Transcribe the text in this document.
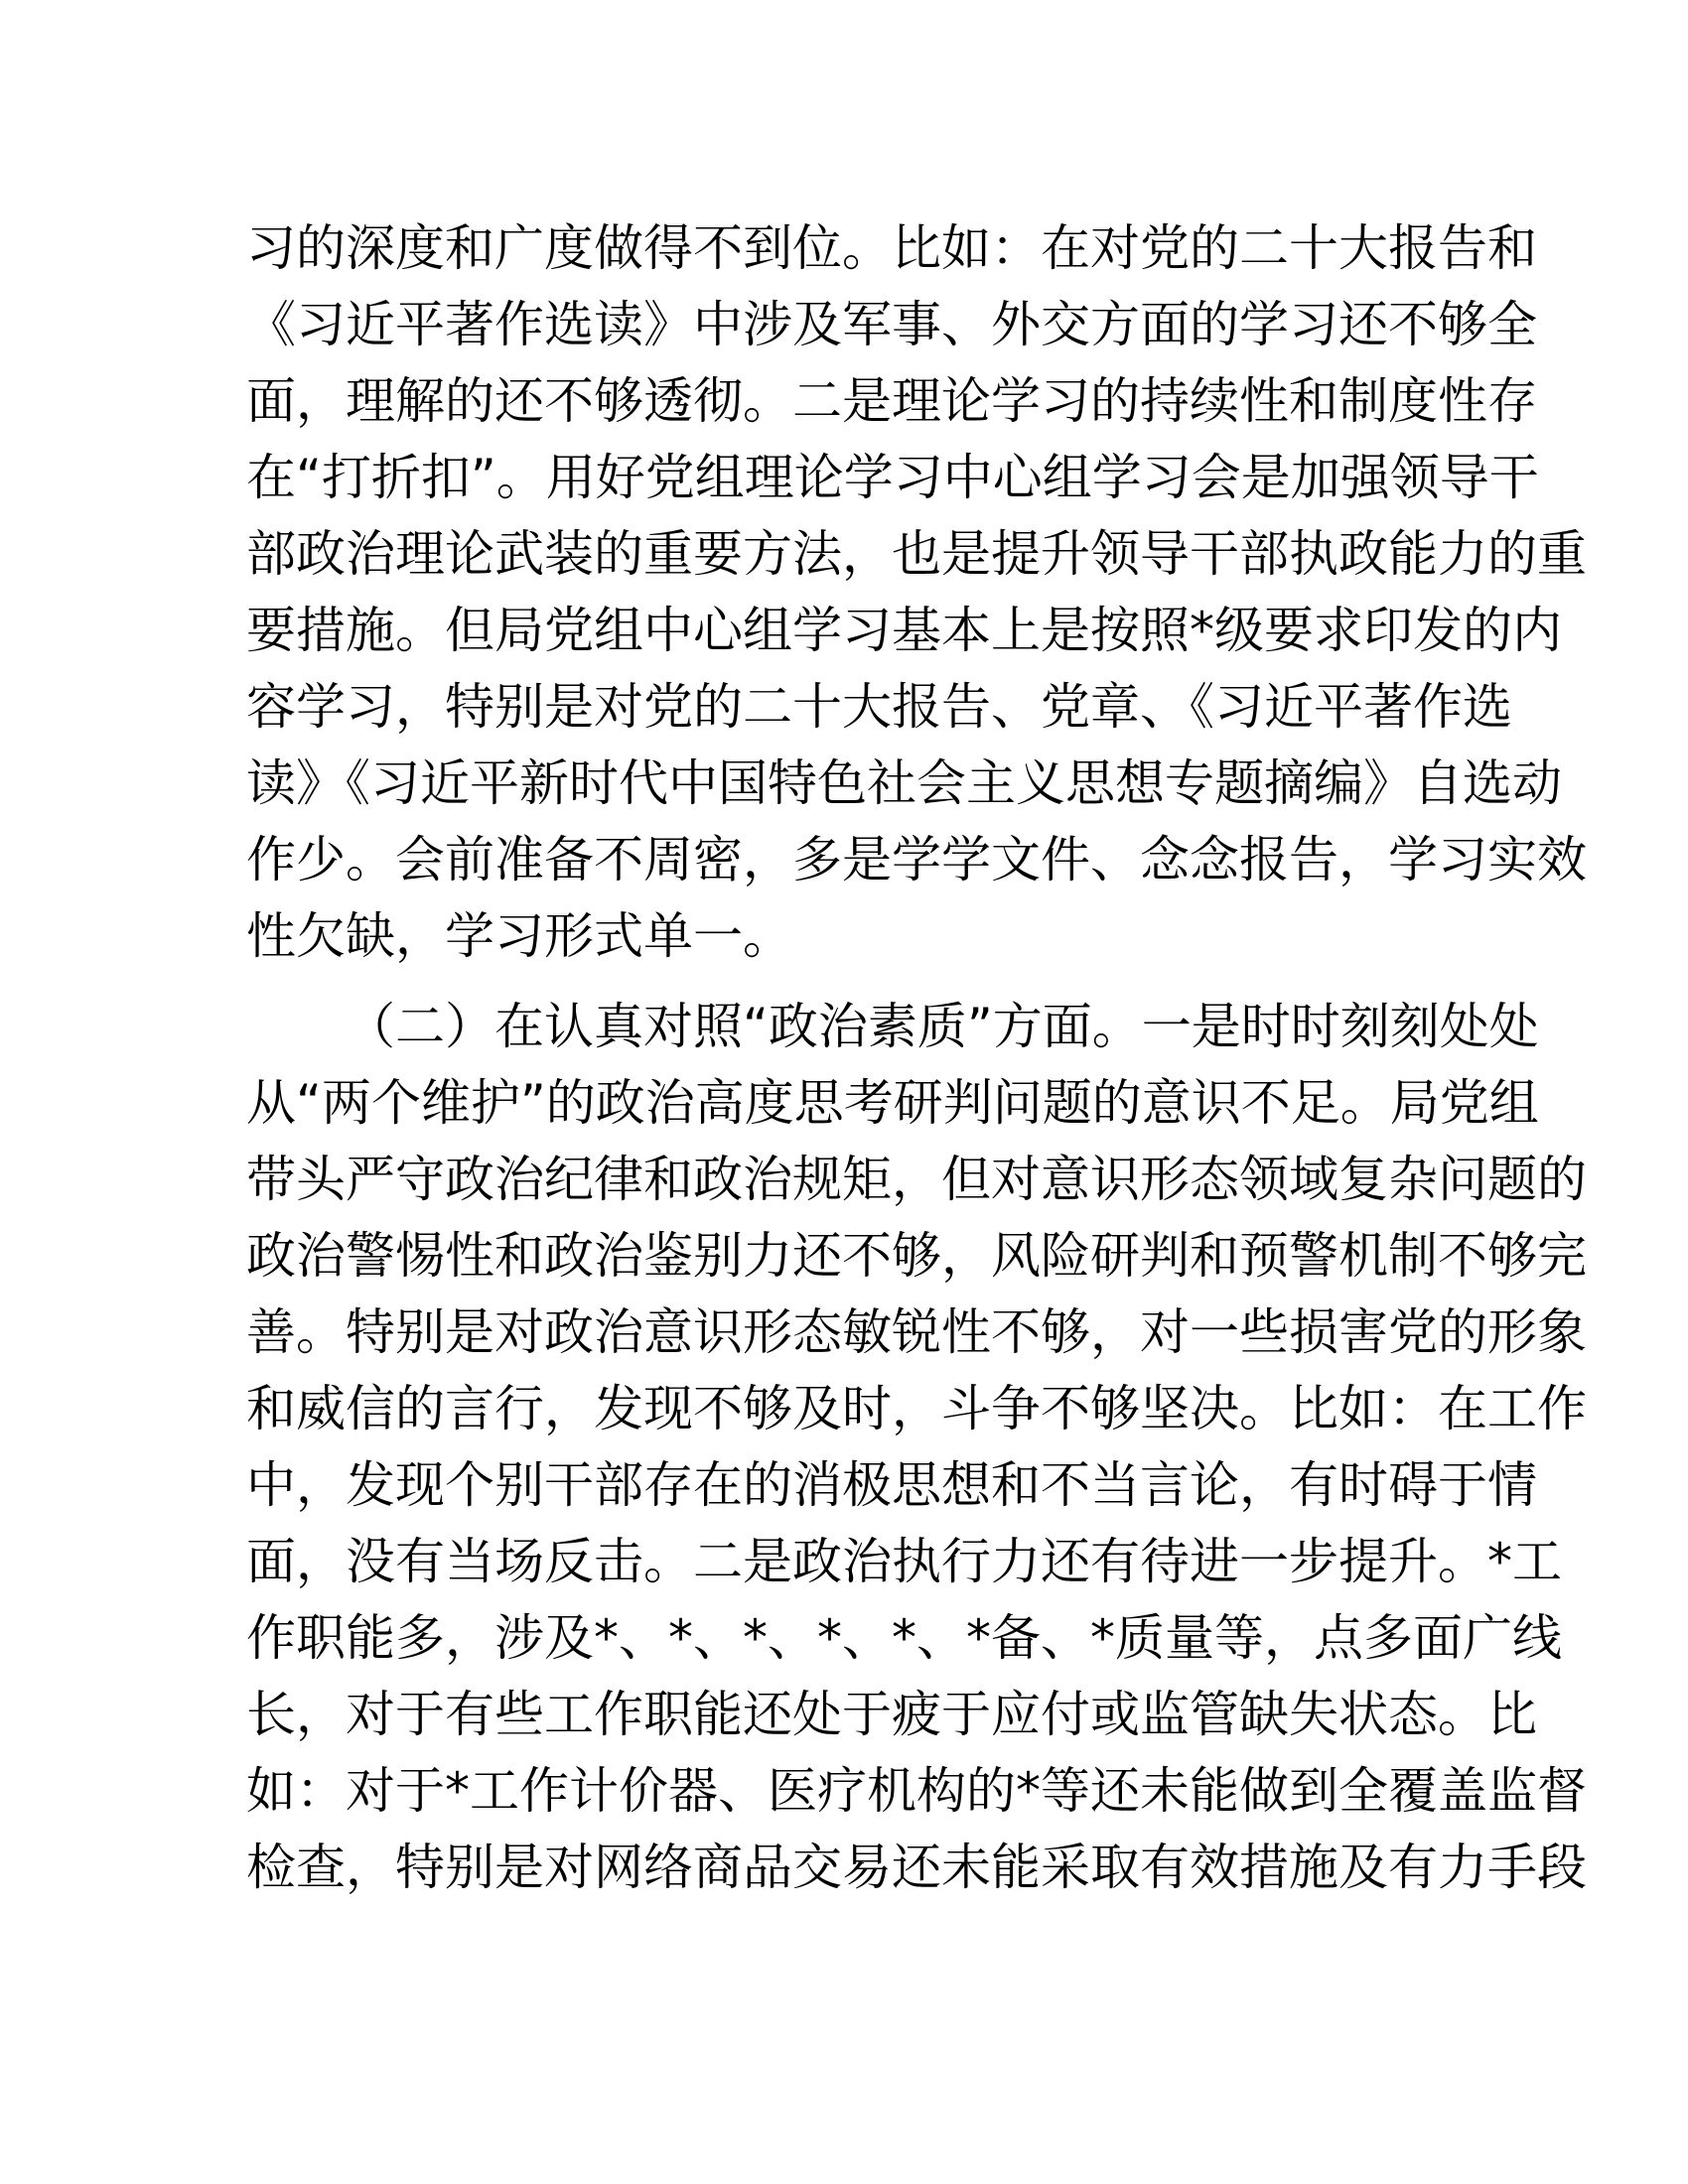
习的深度和广度做得不到位。比如：在对党的二十大报告和
《习近平著作选读》中涉及军事、外交方面的学习还不够全
面，理解的还不够透彻。二是理论学习的持续性和制度性存
在“打折扣”。用好党组理论学习中心组学习会是加强领导干
部政治理论武装的重要方法，也是提升领导干部执政能力的重
要措施。但局党组中心组学习基本上是按照*级要求印发的内
容学习，特别是对党的二十大报告、党章、《习近平著作选
读》《习近平新时代中国特色社会主义思想专题摘编》自选动
作少。会前准备不周密，多是学学文件、念念报告，学习实效
性欠缺，学习形式单一。
（二）在认真对照“政治素质”方面。一是时时刻刻处处
从“两个维护”的政治高度思考研判问题的意识不足。局党组
带头严守政治纪律和政治规矩，但对意识形态领域复杂问题的
政治警惕性和政治鉴别力还不够，风险研判和预警机制不够完
善。特别是对政治意识形态敏锐性不够，对一些损害党的形象
和威信的言行，发现不够及时，斗争不够坚决。比如：在工作
中，发现个别干部存在的消极思想和不当言论，有时碍于情
面，没有当场反击。二是政治执行力还有待进一步提升。*工
作职能多，涉及*、*、*、*、*、*备、*质量等，点多面广线
长，对于有些工作职能还处于疲于应付或监管缺失状态。比
如：对于*工作计价器、医疗机构的*等还未能做到全覆盖监督
检查，特别是对网络商品交易还未能采取有效措施及有力手段
